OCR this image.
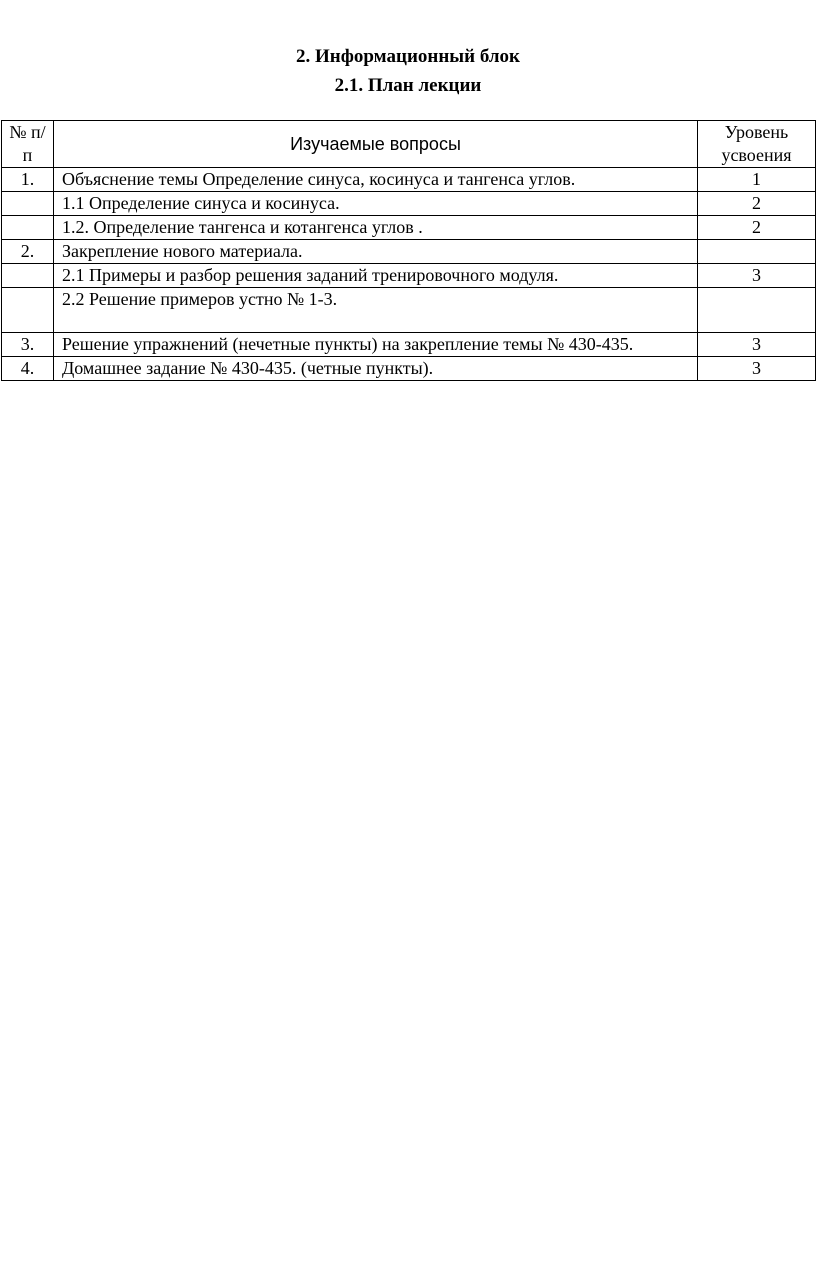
2. Информационный блок
2.1. План лекции
№ п/п	Изучаемые вопросы	Уровень усвоения
1.	Объяснение темы Определение синуса, косинуса и тангенса углов.	1
	1.1 Определение синуса и косинуса.	2
	1.2. Определение тангенса и котангенса углов .	2
2.	Закрепление нового материала.	
	2.1 Примеры и разбор решения заданий тренировочного модуля.	3
	2.2 Решение примеров устно № 1-3.	
3.	Решение упражнений (нечетные пункты) на закрепление темы № 430-435.	3
4.	Домашнее задание № 430-435. (четные пункты).	3
